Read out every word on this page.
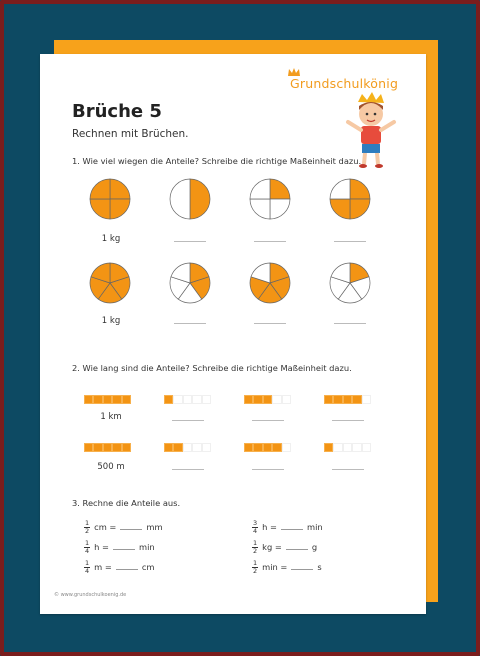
Grundschulkönig
Brüche 5
Rechnen mit Brüchen.
1. Wie viel wiegen die Anteile? Schreibe die richtige Maßeinheit dazu.
1 kg
1 kg
2. Wie lang sind die Anteile? Schreibe die richtige Maßeinheit dazu.
1 km
500 m
3. Rechne die Anteile aus.
© www.grundschulkoenig.de
$\frac{1}{2}$ cm =	mm
$\frac{1}{4}$ h =	min
$\frac{1}{4}$ m =	cm
$\frac{3}{4}$ h =	min
$\frac{1}{2}$ kg =	g
$\frac{1}{2}$ min =	s
